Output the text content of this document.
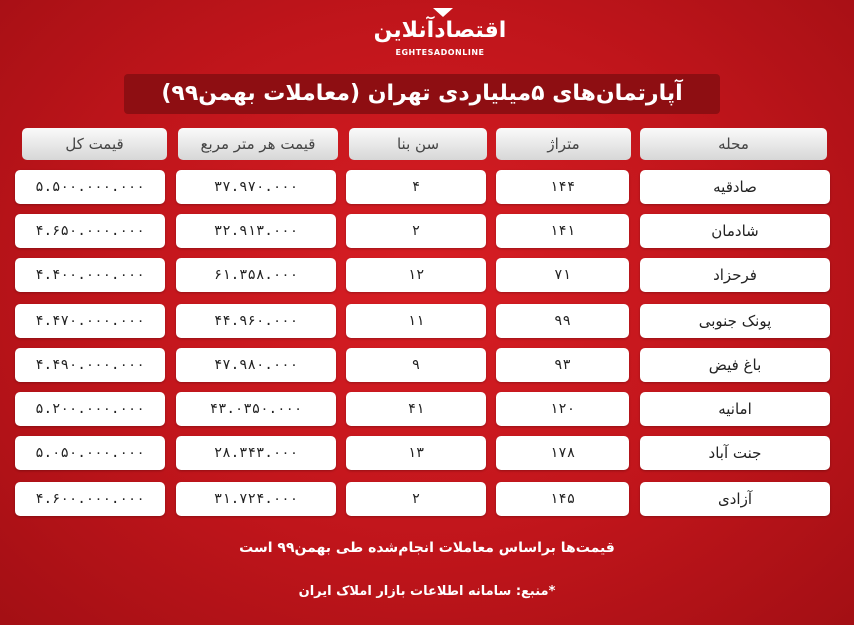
اقتصادآنلاین
EGHTESADONLINE
آپارتمان‌های ۵میلیاردی تهران (معاملات بهمن۹۹)
محله
متراژ
سن بنا
قیمت هر متر مربع
قیمت کل
صادقیه
۱۴۴
۴
۳۷.۹۷۰.۰۰۰
۵.۵۰۰.۰۰۰.۰۰۰
شادمان
۱۴۱
۲
۳۲.۹۱۳.۰۰۰
۴.۶۵۰.۰۰۰.۰۰۰
فرحزاد
۷۱
۱۲
۶۱.۳۵۸.۰۰۰
۴.۴۰۰.۰۰۰.۰۰۰
پونک جنوبی
۹۹
۱۱
۴۴.۹۶۰.۰۰۰
۴.۴۷۰.۰۰۰.۰۰۰
باغ فیض
۹۳
۹
۴۷.۹۸۰.۰۰۰
۴.۴۹۰.۰۰۰.۰۰۰
امانیه
۱۲۰
۴۱
۴۳.۰۳۵۰.۰۰۰
۵.۲۰۰.۰۰۰.۰۰۰
جنت آباد
۱۷۸
۱۳
۲۸.۳۴۳.۰۰۰
۵.۰۵۰.۰۰۰.۰۰۰
آزادی
۱۴۵
۲
۳۱.۷۲۴.۰۰۰
۴.۶۰۰.۰۰۰.۰۰۰
قیمت‌ها براساس معاملات انجام‌شده طی بهمن۹۹ است
*منبع: سامانه اطلاعات بازار املاک ایران
